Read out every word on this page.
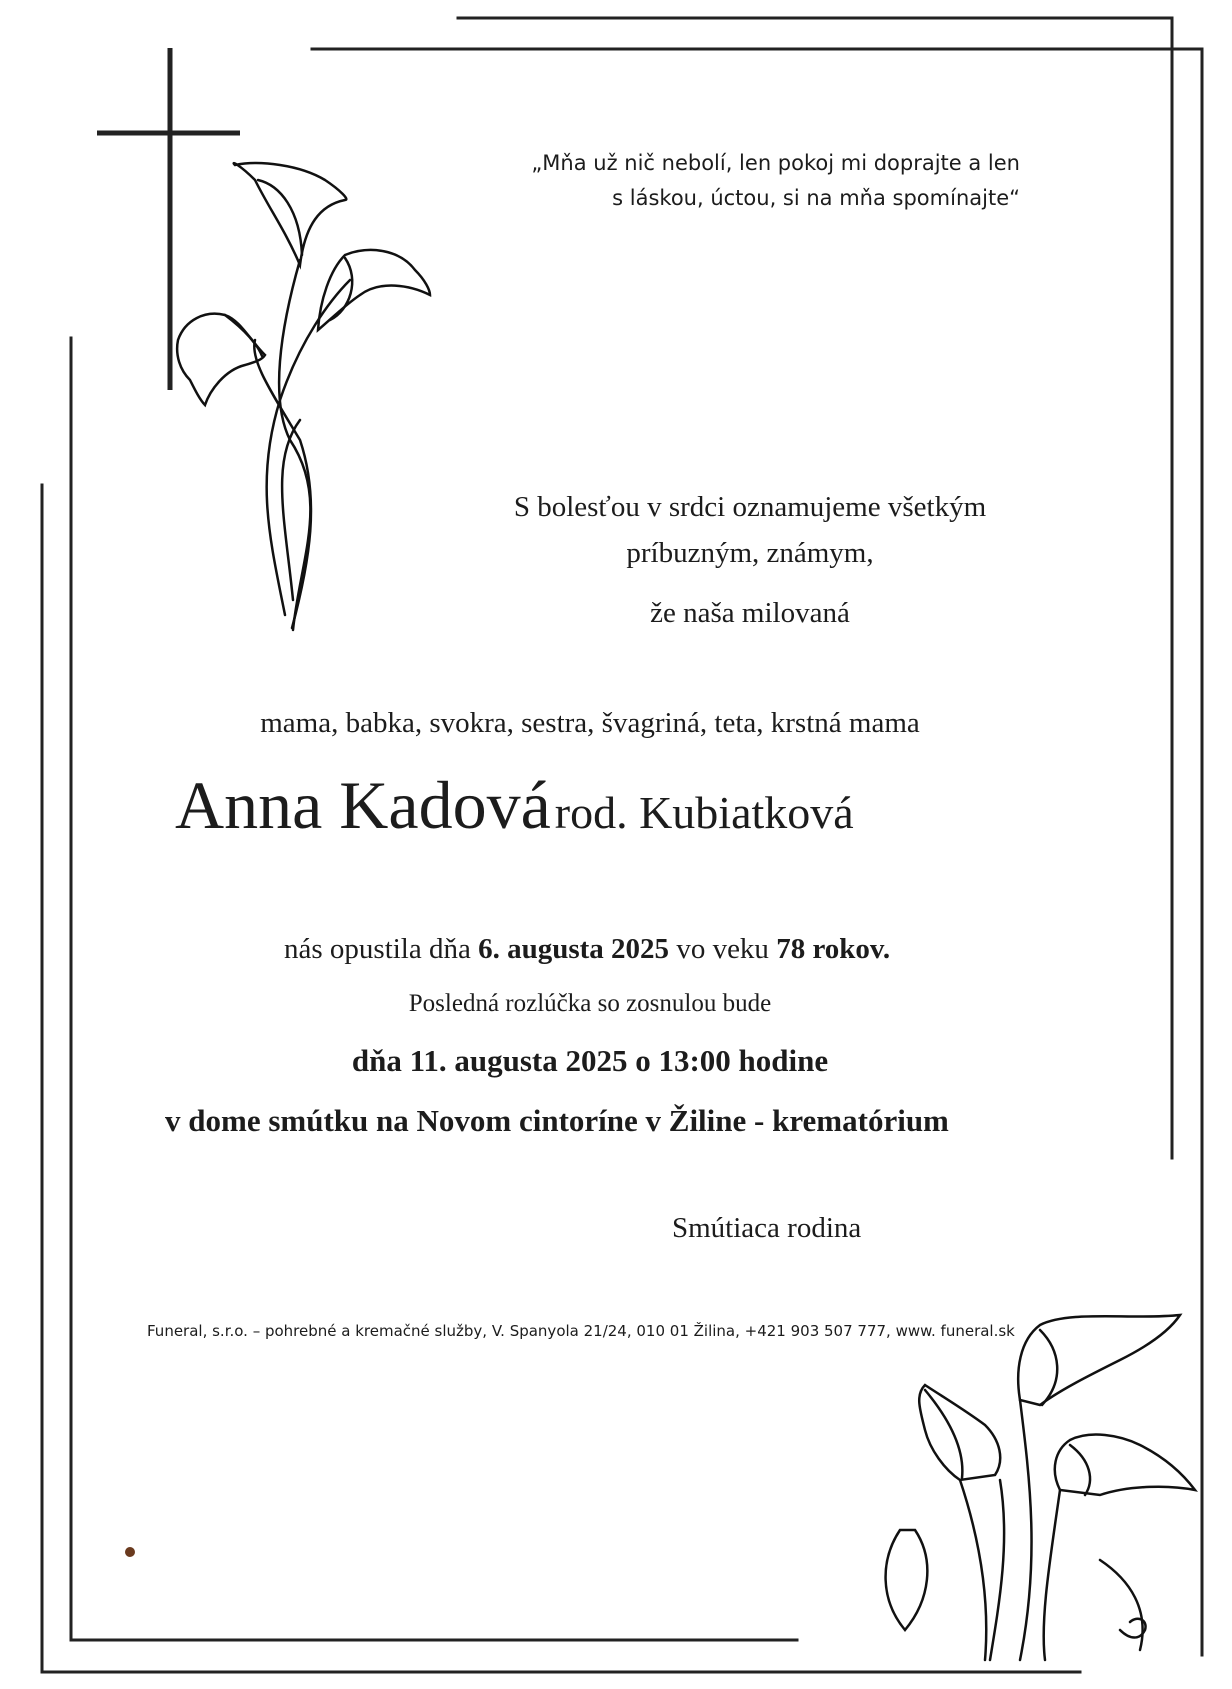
„Mňa už nič nebolí, len pokoj mi doprajte a len
s láskou, úctou, si na mňa spomínajte“

S bolesťou v srdci oznamujeme všetkým

príbuzným, známym,

že naša milovaná

mama, babka, svokra, sestra, švagriná, teta, krstná mama

Anna Kadová rod. Kubiatková

nás opustila dňa 6. augusta 2025 vo veku 78 rokov.

Posledná rozlúčka so zosnulou bude

dňa 11. augusta 2025 o 13:00 hodine

v dome smútku na Novom cintoríne v Žiline - krematórium

Smútiaca rodina

Funeral, s.r.o. – pohrebné a kremačné služby, V. Spanyola 21/24, 010 01 Žilina, +421 903 507 777, www. funeral.sk
